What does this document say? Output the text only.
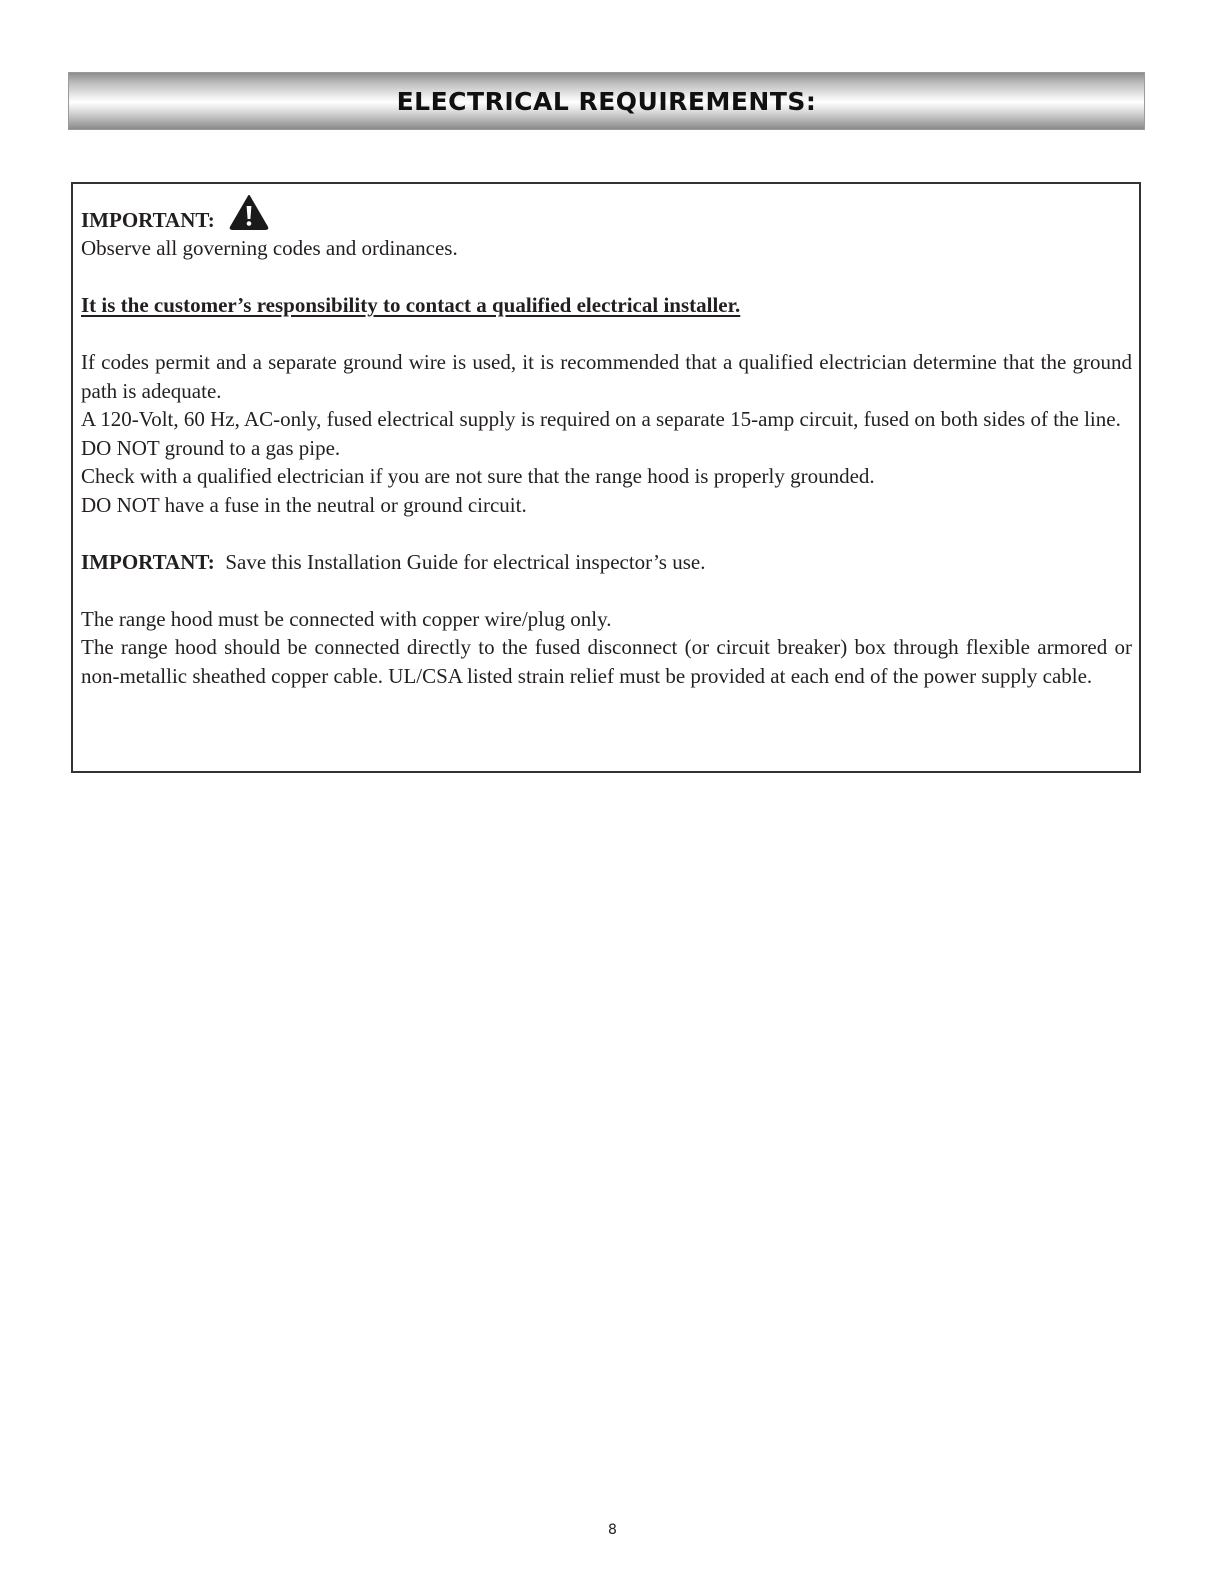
ELECTRICAL REQUIREMENTS:
IMPORTANT:

Observe all governing codes and ordinances.

It is the customer’s responsibility to contact a qualified electrical installer.

If codes permit and a separate ground wire is used, it is recommended that a qualified electrician determine that the ground path is adequate.

A 120-Volt, 60 Hz, AC-only, fused electrical supply is required on a separate 15-amp circuit, fused on both sides of the line.

DO NOT ground to a gas pipe.

Check with a qualified electrician if you are not sure that the range hood is properly grounded.

DO NOT have a fuse in the neutral or ground circuit.

IMPORTANT: Save this Installation Guide for electrical inspector’s use.

The range hood must be connected with copper wire/plug only.

The range hood should be connected directly to the fused disconnect (or circuit breaker) box through flexible armored or non-metallic sheathed copper cable. UL/CSA listed strain relief must be provided at each end of the power supply cable.

8
